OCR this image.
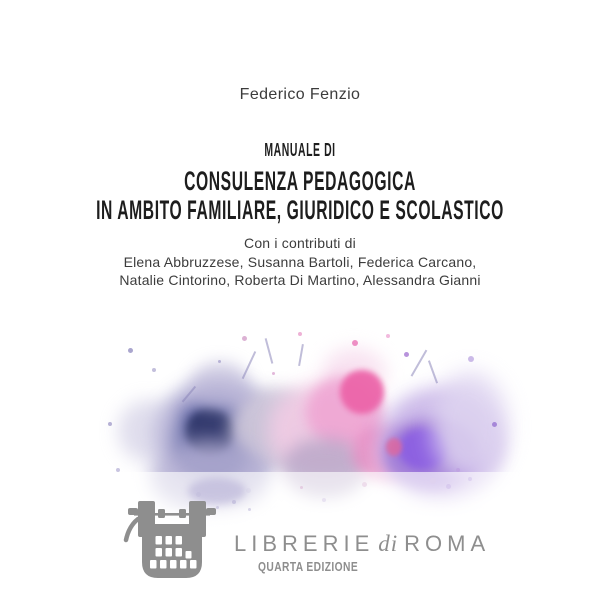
Federico Fenzio
MANUALE DI
CONSULENZA PEDAGOGICA
IN AMBITO FAMILIARE, GIURIDICO E SCOLASTICO
Con i contributi di
Elena Abbruzzese, Susanna Bartoli, Federica Carcano,
Natalie Cintorino, Roberta Di Martino, Alessandra Gianni
LIBRERIE di ROMA
QUARTA EDIZIONE
